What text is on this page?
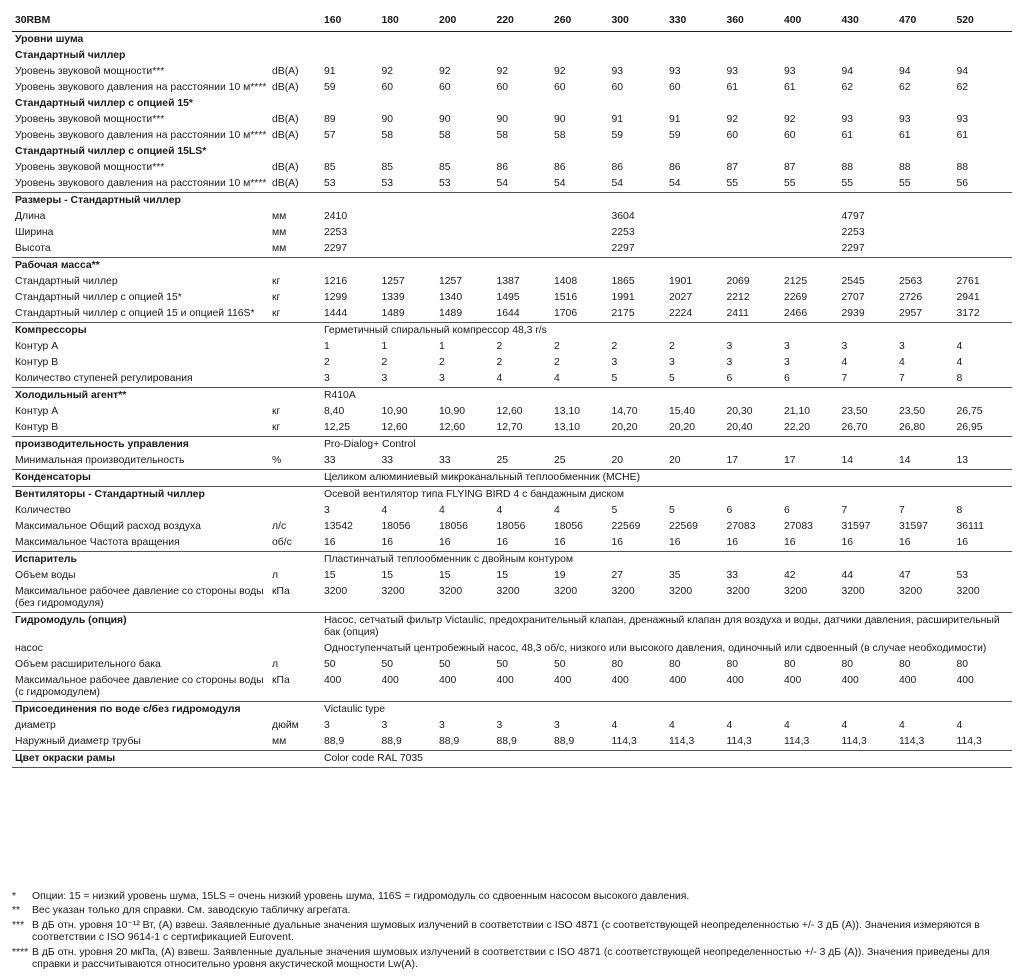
30RBM		160	180	200	220	260	300	330	360	400	430	470	520
Уровни шума													
Стандартный чиллер													
Уровень звуковой мощности***	dB(A)	91	92	92	92	92	93	93	93	93	94	94	94
Уровень звукового давления на расстоянии 10 м****	dB(A)	59	60	60	60	60	60	60	61	61	62	62	62
Стандартный чиллер с опцией 15*													
Уровень звуковой мощности***	dB(A)	89	90	90	90	90	91	91	92	92	93	93	93
Уровень звукового давления на расстоянии 10 м****	dB(A)	57	58	58	58	58	59	59	60	60	61	61	61
Стандартный чиллер с опцией 15LS*													
Уровень звуковой мощности***	dB(A)	85	85	85	86	86	86	86	87	87	88	88	88
Уровень звукового давления на расстоянии 10 м****	dB(A)	53	53	53	54	54	54	54	55	55	55	55	56
Размеры - Стандартный чиллер													
Длина	мм	2410					3604				4797		
Ширина	мм	2253					2253				2253		
Высота	мм	2297					2297				2297		
Рабочая масса**													
Стандартный чиллер	кг	1216	1257	1257	1387	1408	1865	1901	2069	2125	2545	2563	2761
Стандартный чиллер с опцией 15*	кг	1299	1339	1340	1495	1516	1991	2027	2212	2269	2707	2726	2941
Стандартный чиллер с опцией 15 и опцией 116S*	кг	1444	1489	1489	1644	1706	2175	2224	2411	2466	2939	2957	3172
Компрессоры		Герметичный спиральный компрессор 48,3 r/s											
Контур A		1	1	1	2	2	2	2	3	3	3	3	4
Контур B		2	2	2	2	2	3	3	3	3	4	4	4
Количество ступеней регулирования		3	3	3	4	4	5	5	6	6	7	7	8
Холодильный агент**		R410A											
Контур A	кг	8,40	10,90	10,90	12,60	13,10	14,70	15,40	20,30	21,10	23,50	23,50	26,75
Контур B	кг	12,25	12,60	12,60	12,70	13,10	20,20	20,20	20,40	22,20	26,70	26,80	26,95
производительность управления		Pro-Dialog+ Control											
Минимальная производительность	%	33	33	33	25	25	20	20	17	17	14	14	13
Конденсаторы		Целиком алюминиевый микроканальный теплообменник (MCHE)											
Вентиляторы - Стандартный чиллер		Осевой вентилятор типа FLYING BIRD 4 с бандажным диском											
Количество		3	4	4	4	4	5	5	6	6	7	7	8
Максимальное Общий расход воздуха	л/с	13542	18056	18056	18056	18056	22569	22569	27083	27083	31597	31597	36111
Максимальное Частота вращения	об/с	16	16	16	16	16	16	16	16	16	16	16	16
Испаритель		Пластинчатый теплообменник с двойным контуром											
Объем воды	л	15	15	15	15	19	27	35	33	42	44	47	53
Максимальное рабочее давление со стороны воды (без гидромодуля)	кПа	3200	3200	3200	3200	3200	3200	3200	3200	3200	3200	3200	3200
Гидромодуль (опция)		Насос, сетчатый фильтр Victaulic, предохранительный клапан, дренажный клапан для воздуха и воды, датчики давления, расширительный бак (опция)											
насос		Одноступенчатый центробежный насос, 48,3 об/с, низкого или высокого давления, одиночный или сдвоенный (в случае необходимости)											
Объем расширительного бака	л	50	50	50	50	50	80	80	80	80	80	80	80
Максимальное рабочее давление со стороны воды (с гидромодулем)	кПа	400	400	400	400	400	400	400	400	400	400	400	400
Присоединения по воде с/без гидромодуля		Victaulic type											
диаметр	дюйм	3	3	3	3	3	4	4	4	4	4	4	4
Наружный диаметр трубы	мм	88,9	88,9	88,9	88,9	88,9	114,3	114,3	114,3	114,3	114,3	114,3	114,3
Цвет окраски рамы		Color code RAL 7035											
*	Опции: 15 = низкий уровень шума, 15LS = очень низкий уровень шума, 116S = гидромодуль со сдвоенным насосом высокого давления.
**	Вес указан только для справки. См. заводскую табличку агрегата.
*** В дБ отн. уровня 10⁻¹² Вт, (А) взвеш. Заявленные дуальные значения шумовых излучений в соответствии с ISO 4871 (с соответствующей неопределенностью +/- 3 дБ (А)). Значения измеряются в соответствии с ISO 9614-1 с сертификацией Eurovent.
**** В дБ отн. уровня 20 мкПа, (А) взвеш. Заявленные дуальные значения шумовых излучений в соответствии с ISO 4871 (с соответствующей неопределенностью +/- 3 дБ (А)). Значения приведены для справки и рассчитываются относительно уровня акустической мощности Lw(A).
